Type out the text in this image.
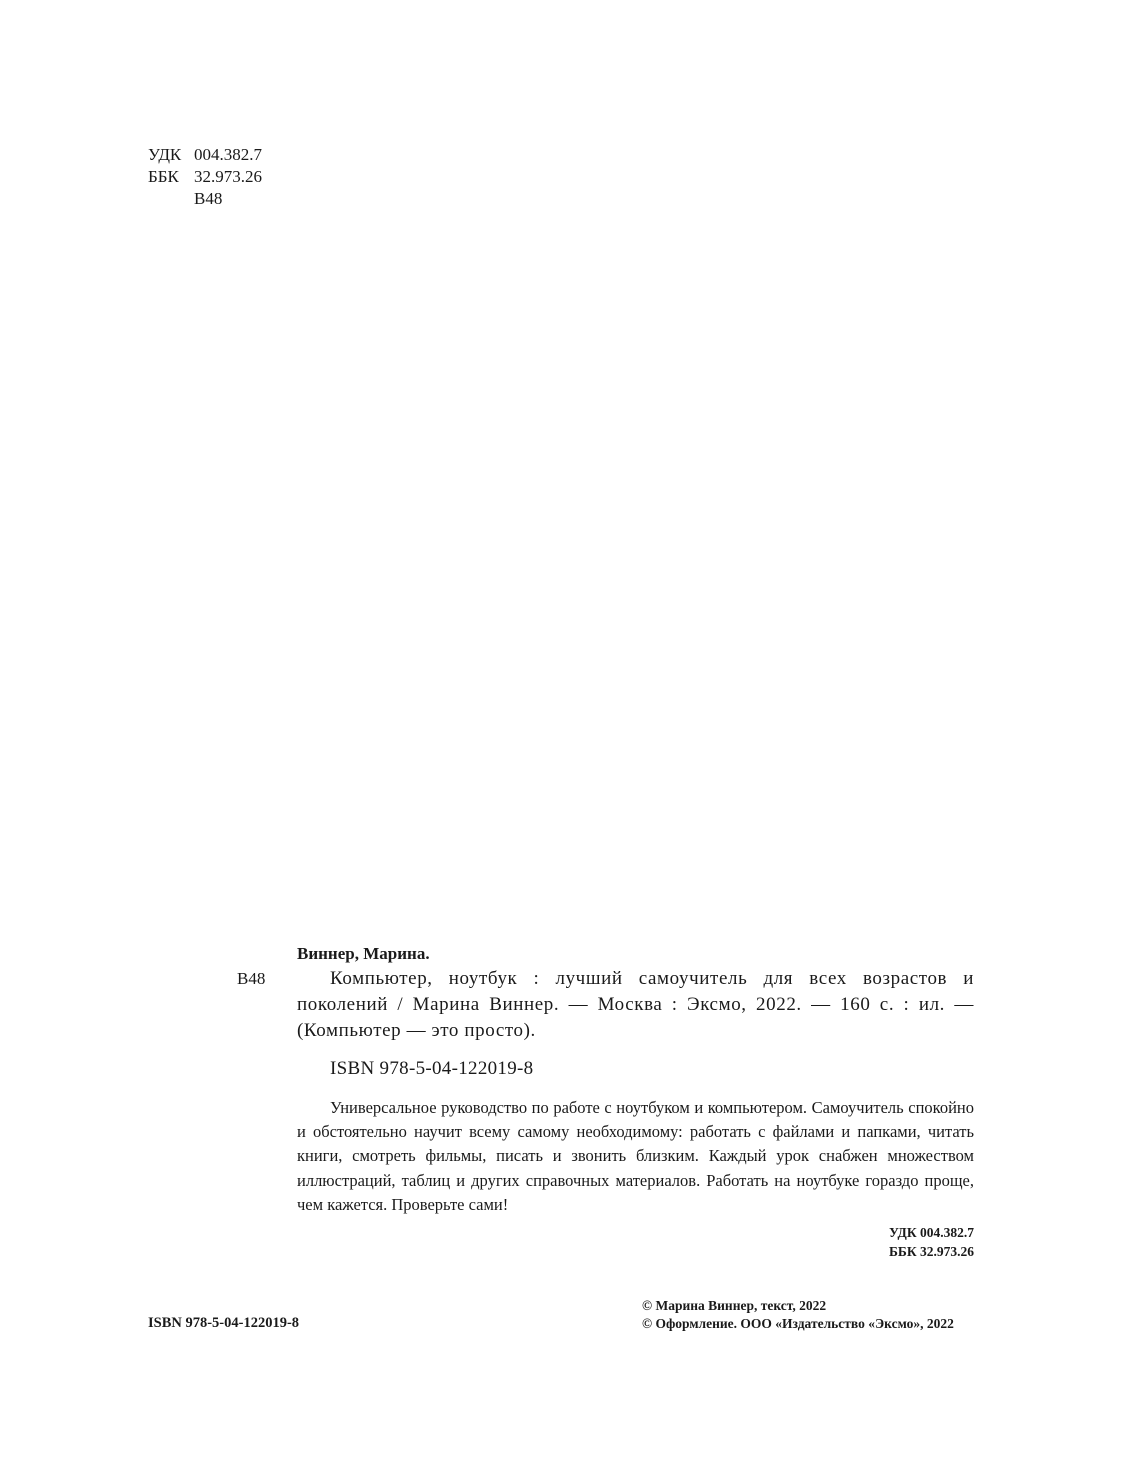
УДК 004.382.7
ББК 32.973.26
В48
Виннер, Марина.
В48	Компьютер, ноутбук : лучший самоучитель для всех возрастов и поколений / Марина Виннер. — Москва : Эксмо, 2022. — 160 с. : ил. — (Компьютер — это просто).
ISBN 978-5-04-122019-8
Универсальное руководство по работе с ноутбуком и компьютером. Самоучитель спокойно и обстоятельно научит всему самому необходимому: работать с файлами и папками, читать книги, смотреть фильмы, писать и звонить близким. Каждый урок снабжен множеством иллюстраций, таблиц и других справочных материалов. Работать на ноутбуке гораздо проще, чем кажется. Проверьте сами!
УДК 004.382.7
ББК 32.973.26
ISBN 978-5-04-122019-8
© Марина Виннер, текст, 2022
© Оформление. ООО «Издательство «Эксмо», 2022
